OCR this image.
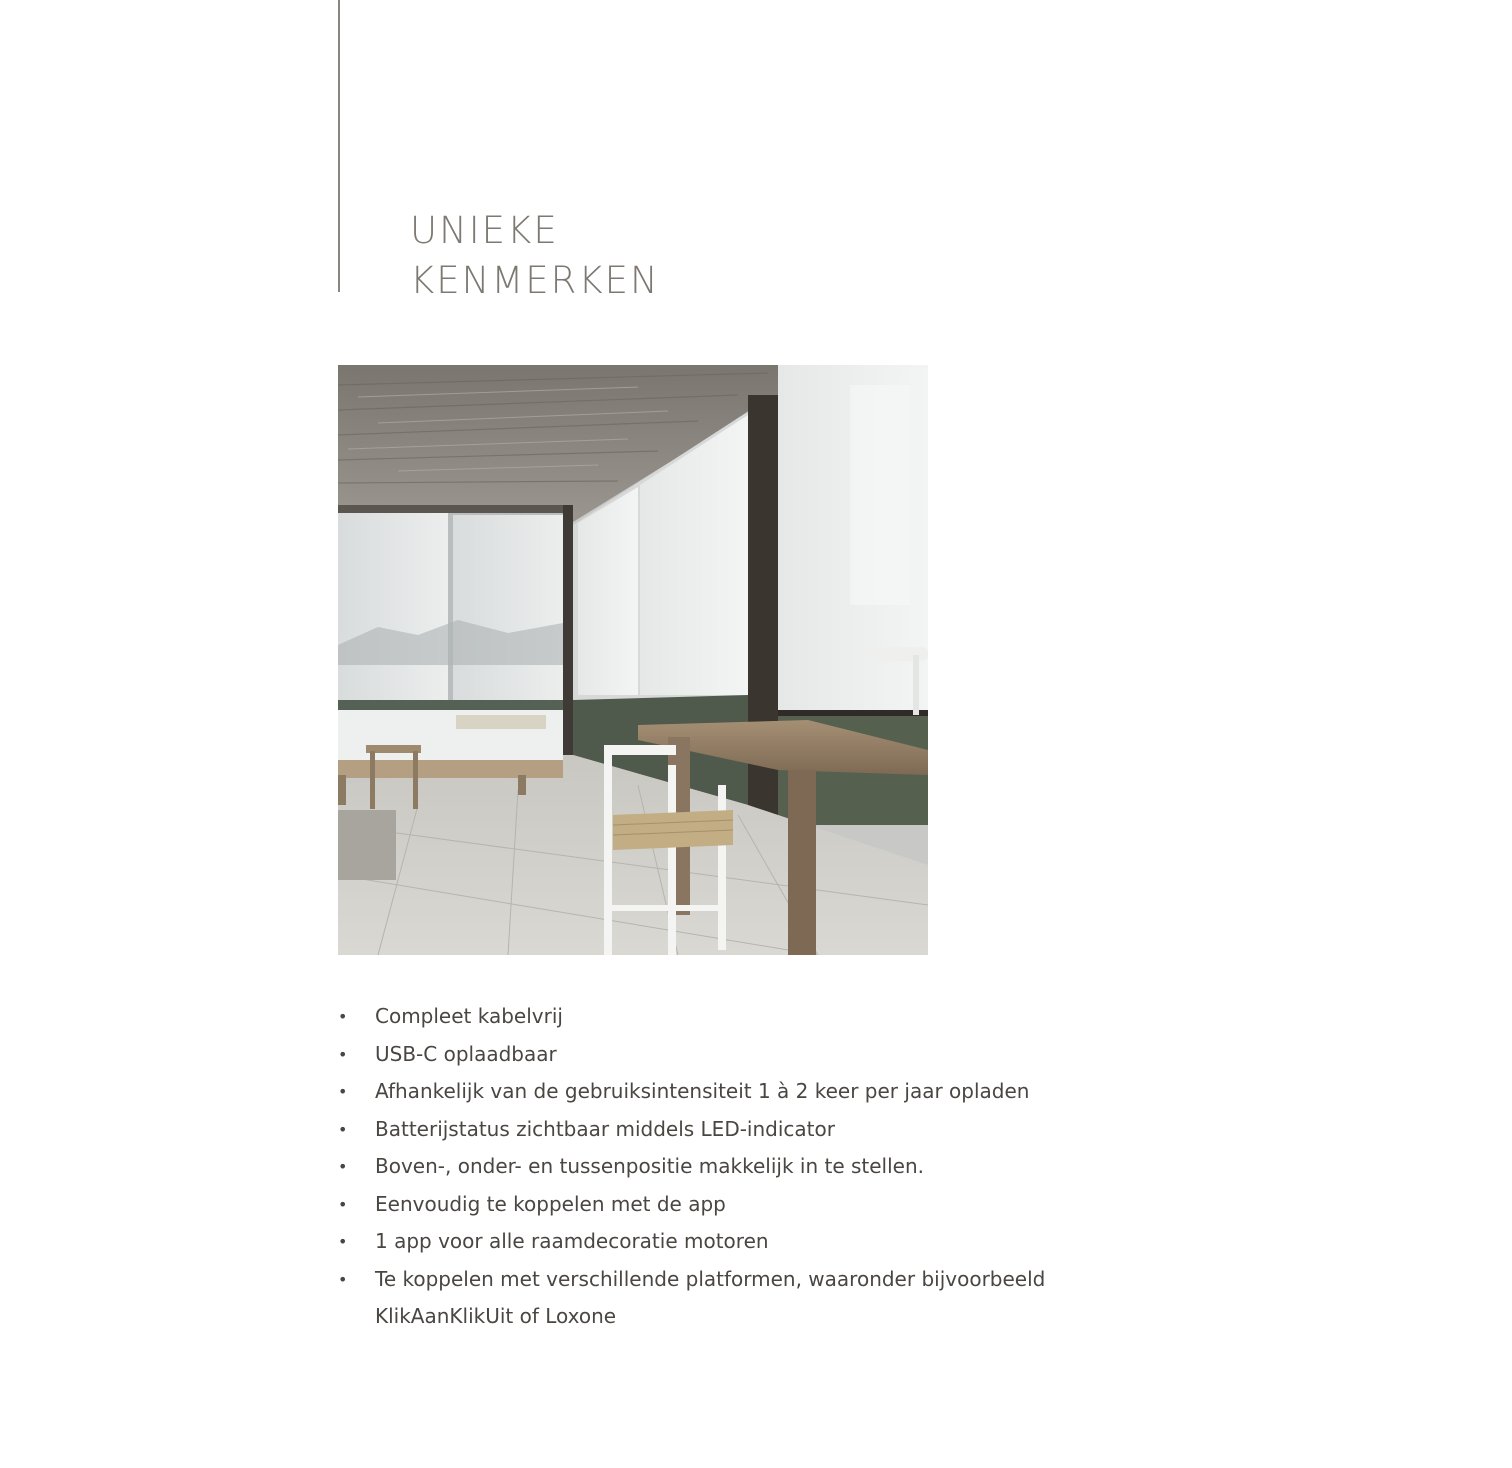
UNIEKE
KENMERKEN
• Compleet kabelvrij
• USB-C oplaadbaar
• Afhankelijk van de gebruiksintensiteit 1 à 2 keer per jaar opladen
• Batterijstatus zichtbaar middels LED-indicator
• Boven-, onder- en tussenpositie makkelijk in te stellen.
• Eenvoudig te koppelen met de app
• 1 app voor alle raamdecoratie motoren
• Te koppelen met verschillende platformen, waaronder bijvoorbeeld KlikAanKlikUit of Loxone
